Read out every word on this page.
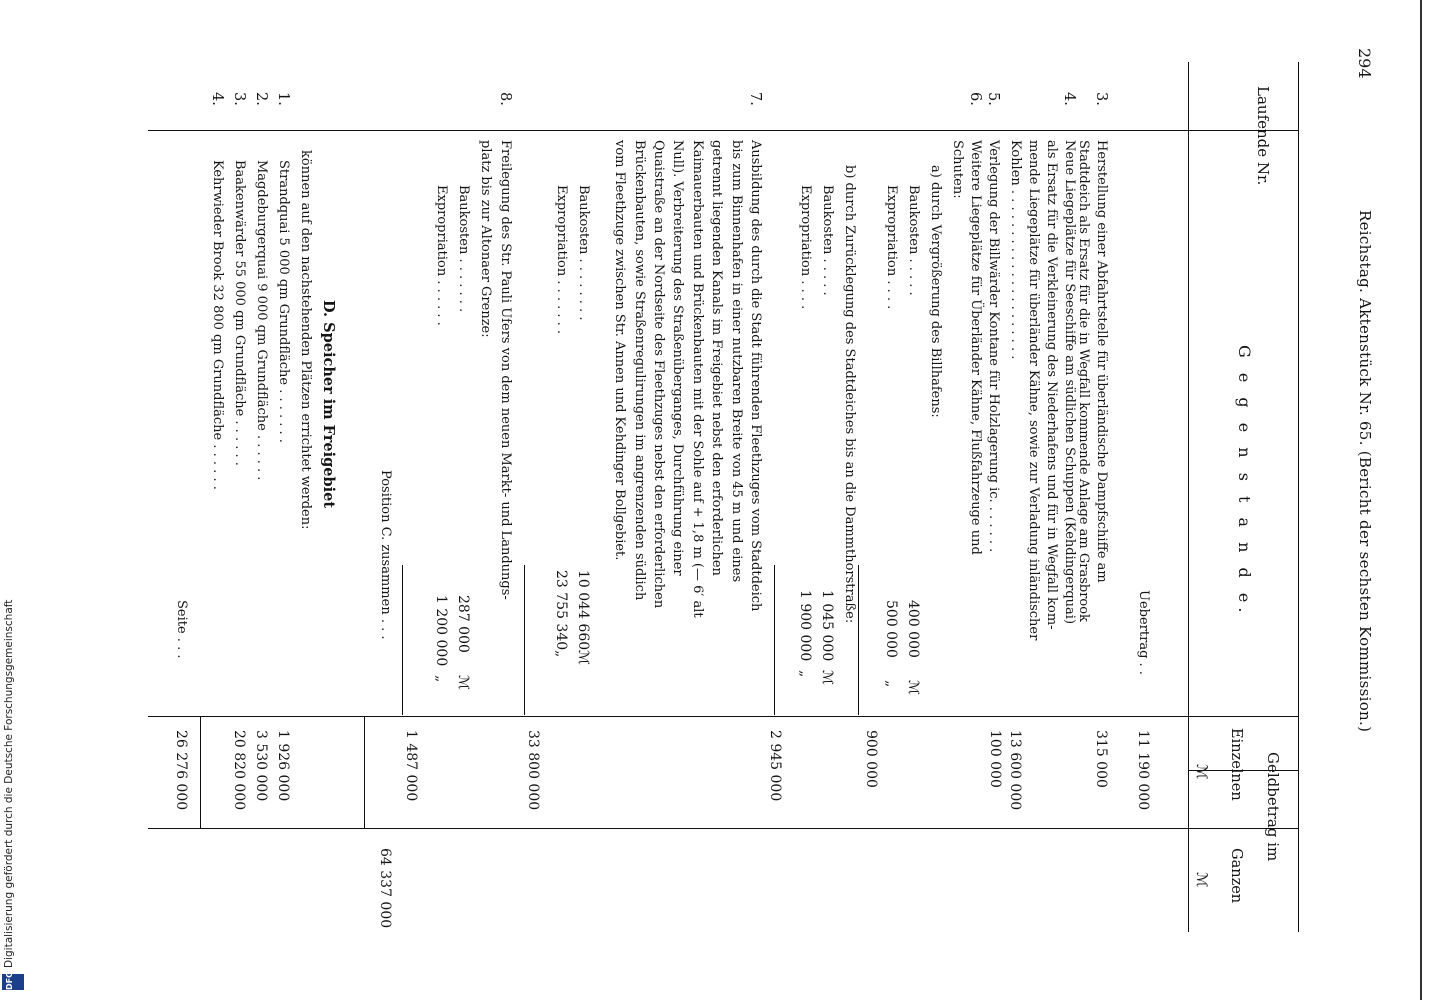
294
Reichstag. Aktenstück Nr. 65. (Bericht der sechsten Kommission.)
Laufende Nr.
G e g e n s t a n d e.
Geldbetrag im
Einzelnen
Ganzen
ℳ
ℳ
Uebertrag . .
11 190 000
3.
Herstellung einer Abfahrtstelle für überländische Dampfschiffe am
Stadtdeich als Ersatz für die in Wegfall kommende Anlage am Grasbrook
315 000
4.
Neue Liegeplätze für Seeschiffe am südlichen Schuppen (Kehdingerquai)
als Ersatz für die Verkleinerung des Niederhafens und für in Wegfall kom-
mende Liegeplätze für überländer Kähne, sowie zur Verladung inländischer
Kohlen . . . . . . . . . . . . . . . . . . . . .
13 600 000
5.
Verlegung der Billwärder Kontane für Holzlagerung ic. . . . . . .
100 000
6.
Weitere Liegeplätze für Überländer Kähne, Flußfahrzeuge und
Schuten:
a) durch Vergrößerung des Billhafens:
Baukosten . . . . .
400 000
ℳ
Expropriation . . . .
500 000
„
900 000
b) durch Zurücklegung des Stadtdeiches bis an die Dammthorstraße:
Baukosten . . . . .
1 045 000
ℳ
Expropriation . . . .
1 900 000
„
2 945 000
7.
Ausbildung des durch die Stadt führenden Fleethzuges vom Stadtdeich
bis zum Binnenhafen in einer nutzbaren Breite von 45 m und eines
getrennt liegenden Kanals im Freigebiet nebst den erforderlichen
Kaimauerbauten und Brückenbauten mit der Sohle auf + 1,8 m (— 6′ alt
Null). Verbreiterung des Straßenüberganges, Durchführung einer
Quaistraße an der Nordseite des Fleethzuges nebst den erforderlichen
Brückenbauten, sowie Straßenregulirungen im angrenzenden südlich
vom Fleethzuge zwischen Str. Annen und Kehdinger Bollgebiet.
Baukosten . . . . . . . .
10 044 660
ℳ
Expropriation . . . . . . .
23 755 340
„
33 800 000
8.
Freilegung des Str. Pauli Ufers von dem neuen Markt- und Landungs-
platz bis zur Altonaer Grenze:
Baukosten . . . . . . .
287 000
ℳ
Expropriation . . . . . .
1 200 000
„
1 487 000
Position C. zusammen . . .
64 337 000
D. Speicher im Freigebiet
können auf den nachstehenden Plätzen errichtet werden:
1.
Strandquai 5 000 qm Grundfläche . . . . . . .
1 926 000
2.
Magdeburgerquai 9 000 qm Grundfläche . . . . . .
3 530 000
3.
Baakenwärder 55 000 qm Grundfläche . . . . . .
20 820 000
4.
Kehrwieder Brook 32 800 qm Grundfläche . . . . . .
Seite . . .
26 276 000
Digitalisierung gefördert durch die Deutsche Forschungsgemeinschaft
DFG
